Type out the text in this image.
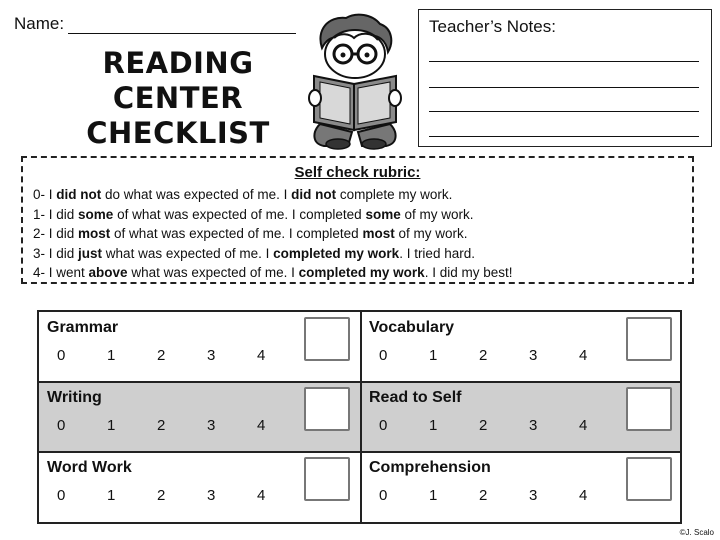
Name:
READING
CENTER
CHECKLIST
Teacher’s Notes:
Self check rubric:
0- I did not do what was expected of me. I did not complete my work.
1- I did some of what was expected of me. I completed some of my work.
2- I did most of what was expected of me. I completed most of my work.
3- I did just what was expected of me. I completed my work. I tried hard.
4- I went above what was expected of me. I completed my work. I did my best!
Grammar
0	1	2	3	4
Vocabulary
0	1	2	3	4
Writing
0	1	2	3	4
Read to Self
0	1	2	3	4
Word Work
0	1	2	3	4
Comprehension
0	1	2	3	4
©J. Scalo
